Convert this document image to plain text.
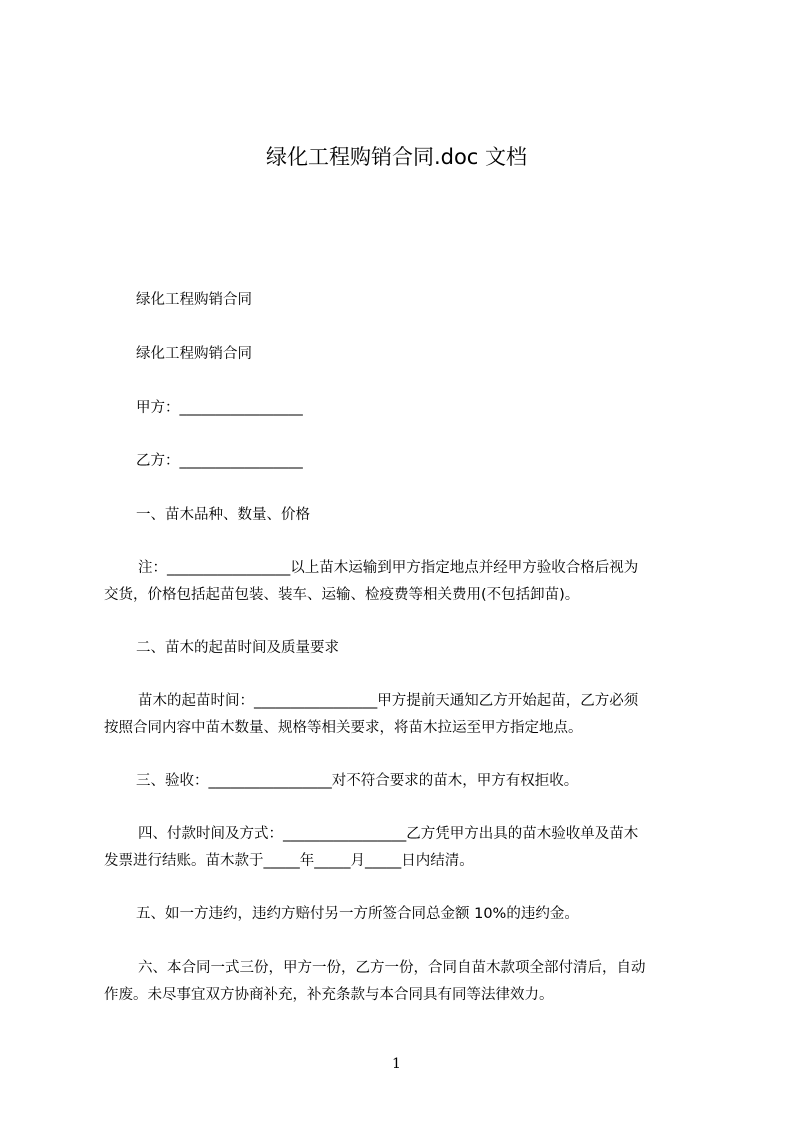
绿化工程购销合同.doc 文档

绿化工程购销合同

绿化工程购销合同

甲方：_________________

乙方：_________________

一、苗木品种、数量、价格

注：_________________以上苗木运输到甲方指定地点并经甲方验收合格后视为

交货，价格包括起苗包装、装车、运输、检疫费等相关费用(不包括卸苗)。

二、苗木的起苗时间及质量要求

苗木的起苗时间：_________________甲方提前天通知乙方开始起苗，乙方必须

按照合同内容中苗木数量、规格等相关要求，将苗木拉运至甲方指定地点。

三、验收：_________________对不符合要求的苗木，甲方有权拒收。

四、付款时间及方式：_________________乙方凭甲方出具的苗木验收单及苗木

发票进行结账。苗木款于_____年_____月_____日内结清。

五、如一方违约，违约方赔付另一方所签合同总金额 10%的违约金。

六、本合同一式三份，甲方一份，乙方一份，合同自苗木款项全部付清后，自动

作废。未尽事宜双方协商补充，补充条款与本合同具有同等法律效力。

1
